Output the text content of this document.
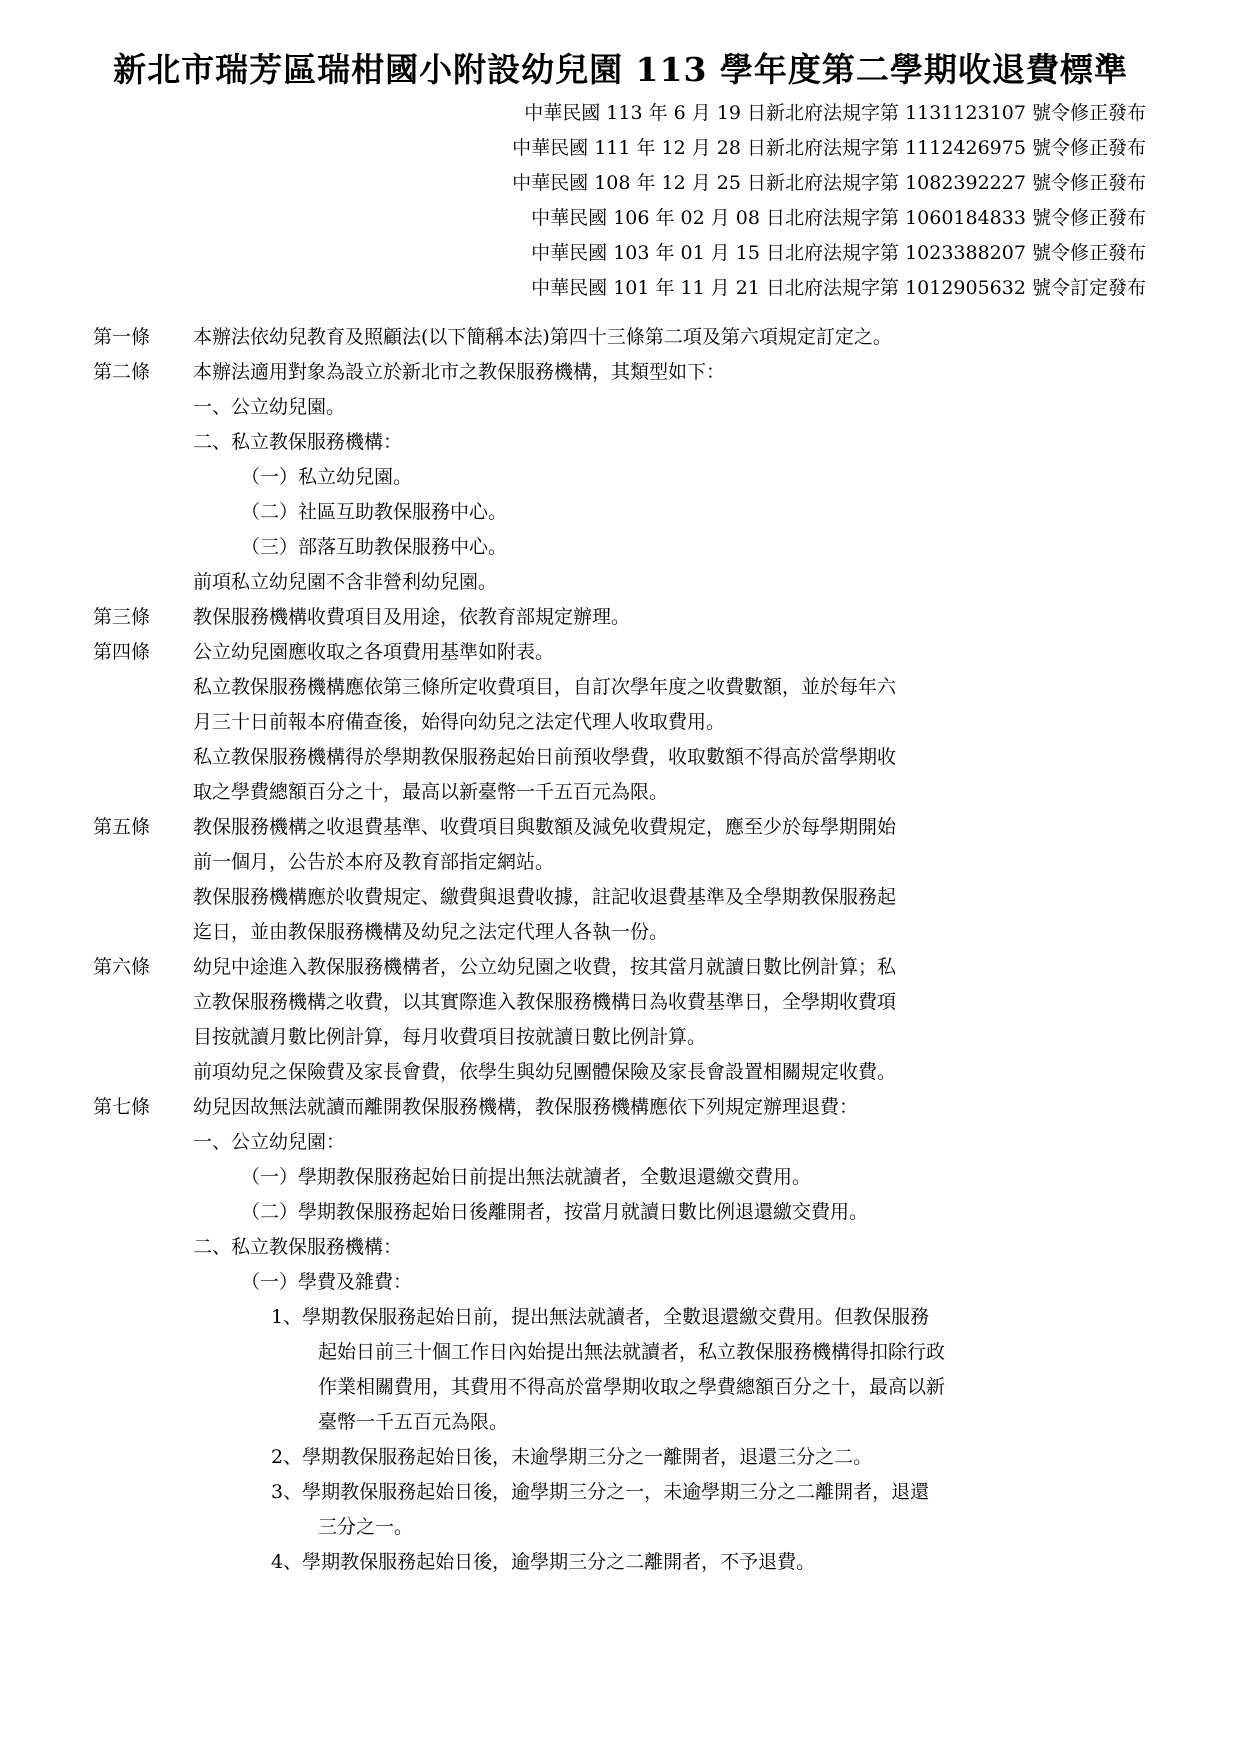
新北市瑞芳區瑞柑國小附設幼兒園 113 學年度第二學期收退費標準
中華民國 113 年 6 月 19 日新北府法規字第 1131123107 號令修正發布
中華民國 111 年 12 月 28 日新北府法規字第 1112426975 號令修正發布
中華民國 108 年 12 月 25 日新北府法規字第 1082392227 號令修正發布
中華民國 106 年 02 月 08 日北府法規字第 1060184833 號令修正發布
中華民國 103 年 01 月 15 日北府法規字第 1023388207 號令修正發布
中華民國 101 年 11 月 21 日北府法規字第 1012905632 號令訂定發布
第一條 本辦法依幼兒教育及照顧法(以下簡稱本法)第四十三條第二項及第六項規定訂定之。
第二條 本辦法適用對象為設立於新北市之教保服務機構，其類型如下：
一、公立幼兒園。
二、私立教保服務機構：
（一）私立幼兒園。
（二）社區互助教保服務中心。
（三）部落互助教保服務中心。
前項私立幼兒園不含非營利幼兒園。
第三條 教保服務機構收費項目及用途，依教育部規定辦理。
第四條 公立幼兒園應收取之各項費用基準如附表。
私立教保服務機構應依第三條所定收費項目，自訂次學年度之收費數額，並於每年六
月三十日前報本府備查後，始得向幼兒之法定代理人收取費用。
私立教保服務機構得於學期教保服務起始日前預收學費，收取數額不得高於當學期收
取之學費總額百分之十，最高以新臺幣一千五百元為限。
第五條 教保服務機構之收退費基準、收費項目與數額及減免收費規定，應至少於每學期開始
前一個月，公告於本府及教育部指定網站。
教保服務機構應於收費規定、繳費與退費收據，註記收退費基準及全學期教保服務起
迄日，並由教保服務機構及幼兒之法定代理人各執一份。
第六條 幼兒中途進入教保服務機構者，公立幼兒園之收費，按其當月就讀日數比例計算；私
立教保服務機構之收費，以其實際進入教保服務機構日為收費基準日，全學期收費項
目按就讀月數比例計算，每月收費項目按就讀日數比例計算。
前項幼兒之保險費及家長會費，依學生與幼兒團體保險及家長會設置相關規定收費。
第七條 幼兒因故無法就讀而離開教保服務機構，教保服務機構應依下列規定辦理退費：
一、公立幼兒園：
（一）學期教保服務起始日前提出無法就讀者，全數退還繳交費用。
（二）學期教保服務起始日後離開者，按當月就讀日數比例退還繳交費用。
二、私立教保服務機構：
（一）學費及雜費：
1、學期教保服務起始日前，提出無法就讀者，全數退還繳交費用。但教保服務
起始日前三十個工作日內始提出無法就讀者，私立教保服務機構得扣除行政
作業相關費用，其費用不得高於當學期收取之學費總額百分之十，最高以新
臺幣一千五百元為限。
2、學期教保服務起始日後，未逾學期三分之一離開者，退還三分之二。
3、學期教保服務起始日後，逾學期三分之一，未逾學期三分之二離開者，退還
三分之一。
4、學期教保服務起始日後，逾學期三分之二離開者，不予退費。
